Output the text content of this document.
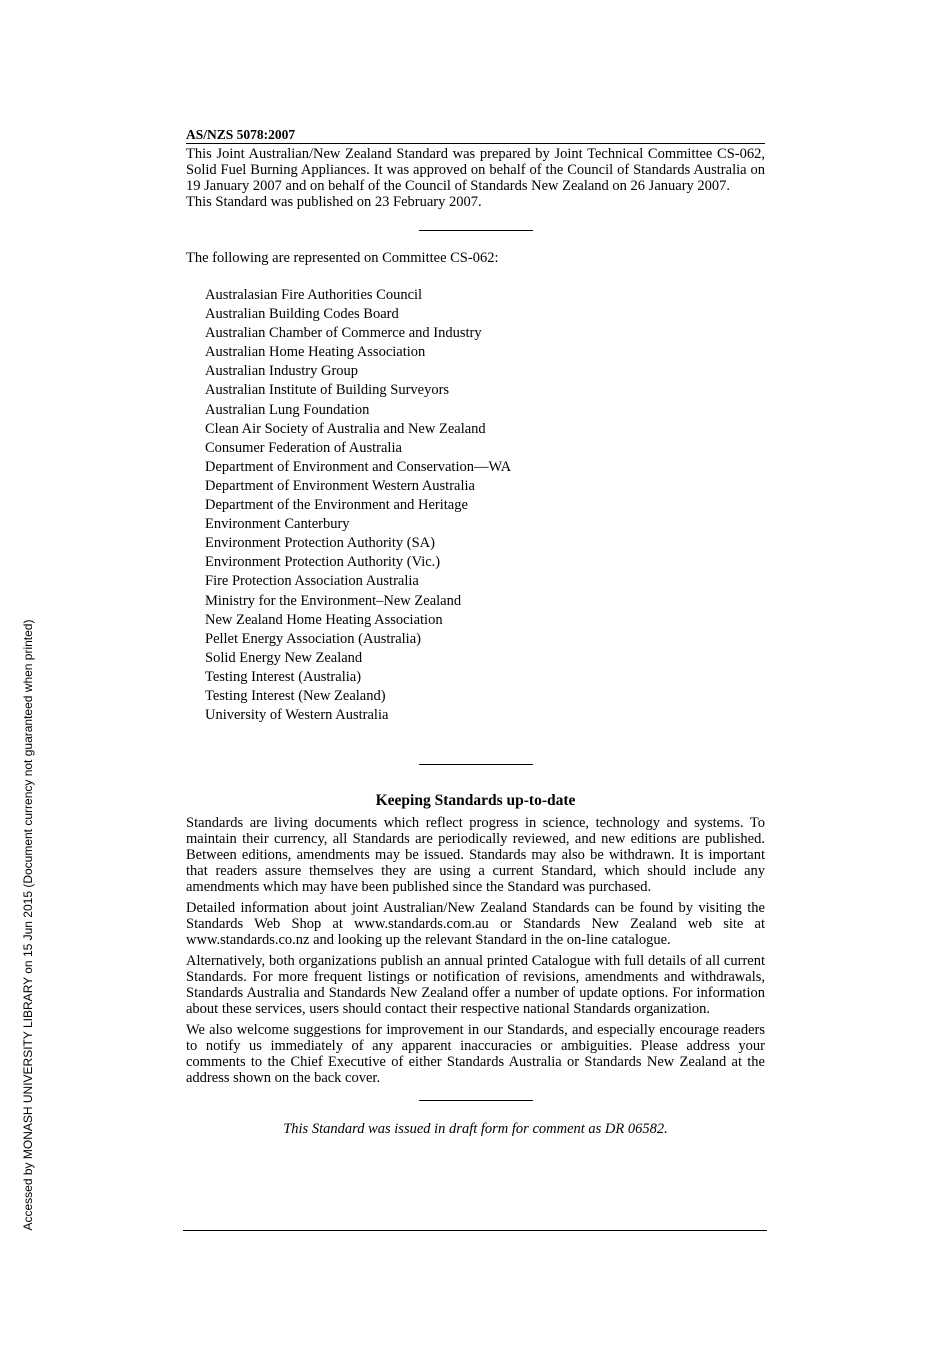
AS/NZS 5078:2007

This Joint Australian/New Zealand Standard was prepared by Joint Technical Committee CS-062, Solid Fuel Burning Appliances. It was approved on behalf of the Council of Standards Australia on 19 January 2007 and on behalf of the Council of Standards New Zealand on 26 January 2007.

This Standard was published on 23 February 2007.

The following are represented on Committee CS-062:
Australasian Fire Authorities Council
Australian Building Codes Board
Australian Chamber of Commerce and Industry
Australian Home Heating Association
Australian Industry Group
Australian Institute of Building Surveyors
Australian Lung Foundation
Clean Air Society of Australia and New Zealand
Consumer Federation of Australia
Department of Environment and Conservation—WA
Department of Environment Western Australia
Department of the Environment and Heritage
Environment Canterbury
Environment Protection Authority (SA)
Environment Protection Authority (Vic.)
Fire Protection Association Australia
Ministry for the Environment–New Zealand
New Zealand Home Heating Association
Pellet Energy Association (Australia)
Solid Energy New Zealand
Testing Interest (Australia)
Testing Interest (New Zealand)
University of Western Australia
Keeping Standards up-to-date

Standards are living documents which reflect progress in science, technology and systems. To maintain their currency, all Standards are periodically reviewed, and new editions are published. Between editions, amendments may be issued. Standards may also be withdrawn. It is important that readers assure themselves they are using a current Standard, which should include any amendments which may have been published since the Standard was purchased.

Detailed information about joint Australian/New Zealand Standards can be found by visiting the Standards Web Shop at www.standards.com.au or Standards New Zealand web site at www.standards.co.nz and looking up the relevant Standard in the on-line catalogue.

Alternatively, both organizations publish an annual printed Catalogue with full details of all current Standards. For more frequent listings or notification of revisions, amendments and withdrawals, Standards Australia and Standards New Zealand offer a number of update options. For information about these services, users should contact their respective national Standards organization.

We also welcome suggestions for improvement in our Standards, and especially encourage readers to notify us immediately of any apparent inaccuracies or ambiguities. Please address your comments to the Chief Executive of either Standards Australia or Standards New Zealand at the address shown on the back cover.

This Standard was issued in draft form for comment as DR 06582.
Accessed by MONASH UNIVERSITY LIBRARY on 15 Jun 2015 (Document currency not guaranteed when printed)
